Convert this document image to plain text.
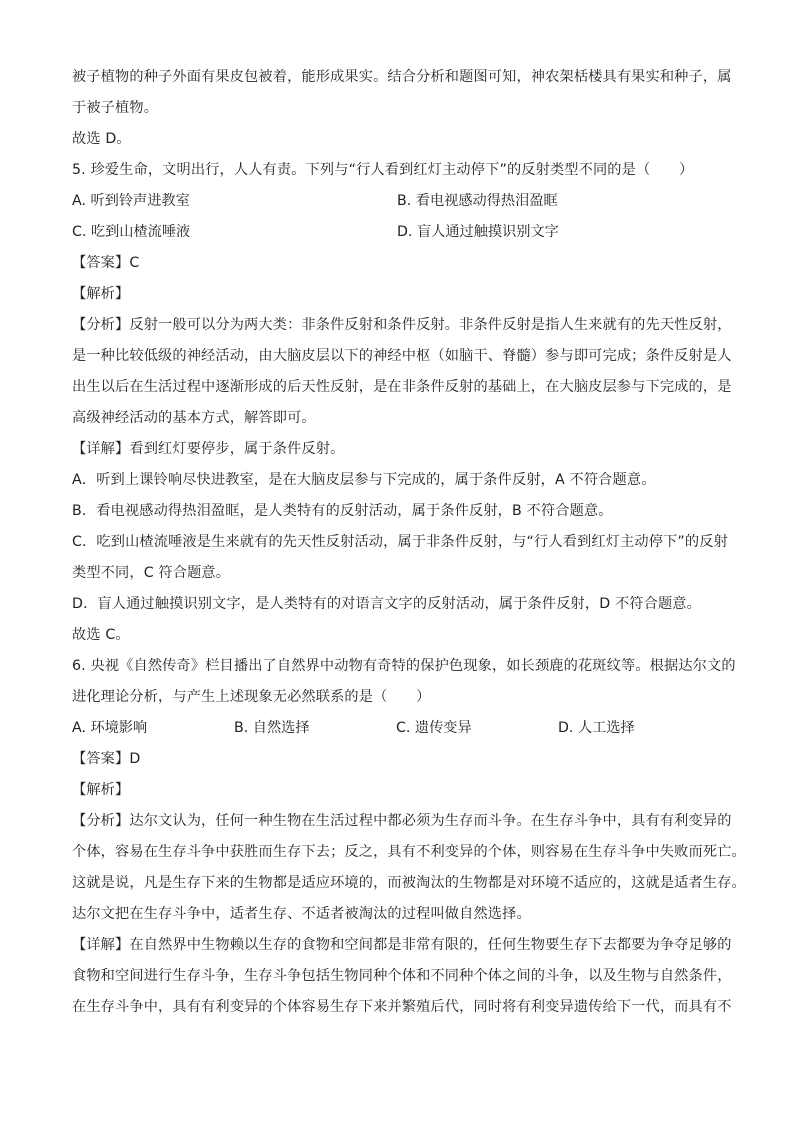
被子植物的种子外面有果皮包被着，能形成果实。结合分析和题图可知，神农架栝楼具有果实和种子，属
于被子植物。
故选 D。
5. 珍爱生命，文明出行，人人有责。下列与“行人看到红灯主动停下”的反射类型不同的是（　　）
A. 听到铃声进教室	B. 看电视感动得热泪盈眶
C. 吃到山楂流唾液	D. 盲人通过触摸识别文字
【答案】C
【解析】
【分析】反射一般可以分为两大类：非条件反射和条件反射。非条件反射是指人生来就有的先天性反射，
是一种比较低级的神经活动，由大脑皮层以下的神经中枢（如脑干、脊髓）参与即可完成；条件反射是人
出生以后在生活过程中逐渐形成的后天性反射，是在非条件反射的基础上，在大脑皮层参与下完成的，是
高级神经活动的基本方式，解答即可。
【详解】看到红灯要停步，属于条件反射。
A．听到上课铃响尽快进教室，是在大脑皮层参与下完成的，属于条件反射，A 不符合题意。
B．看电视感动得热泪盈眶，是人类特有的反射活动，属于条件反射，B 不符合题意。
C．吃到山楂流唾液是生来就有的先天性反射活动，属于非条件反射，与“行人看到红灯主动停下”的反射
类型不同，C 符合题意。
D．盲人通过触摸识别文字，是人类特有的对语言文字的反射活动，属于条件反射，D 不符合题意。
故选 C。
6. 央视《自然传奇》栏目播出了自然界中动物有奇特的保护色现象，如长颈鹿的花斑纹等。根据达尔文的
进化理论分析，与产生上述现象无必然联系的是（　　）
A. 环境影响	B. 自然选择	C. 遗传变异	D. 人工选择
【答案】D
【解析】
【分析】达尔文认为，任何一种生物在生活过程中都必须为生存而斗争。在生存斗争中，具有有利变异的
个体，容易在生存斗争中获胜而生存下去；反之，具有不利变异的个体，则容易在生存斗争中失败而死亡。
这就是说，凡是生存下来的生物都是适应环境的，而被淘汰的生物都是对环境不适应的，这就是适者生存。
达尔文把在生存斗争中，适者生存、不适者被淘汰的过程叫做自然选择。
【详解】在自然界中生物赖以生存的食物和空间都是非常有限的，任何生物要生存下去都要为争夺足够的
食物和空间进行生存斗争，生存斗争包括生物同种个体和不同种个体之间的斗争，以及生物与自然条件，
在生存斗争中，具有有利变异的个体容易生存下来并繁殖后代，同时将有利变异遗传给下一代，而具有不
